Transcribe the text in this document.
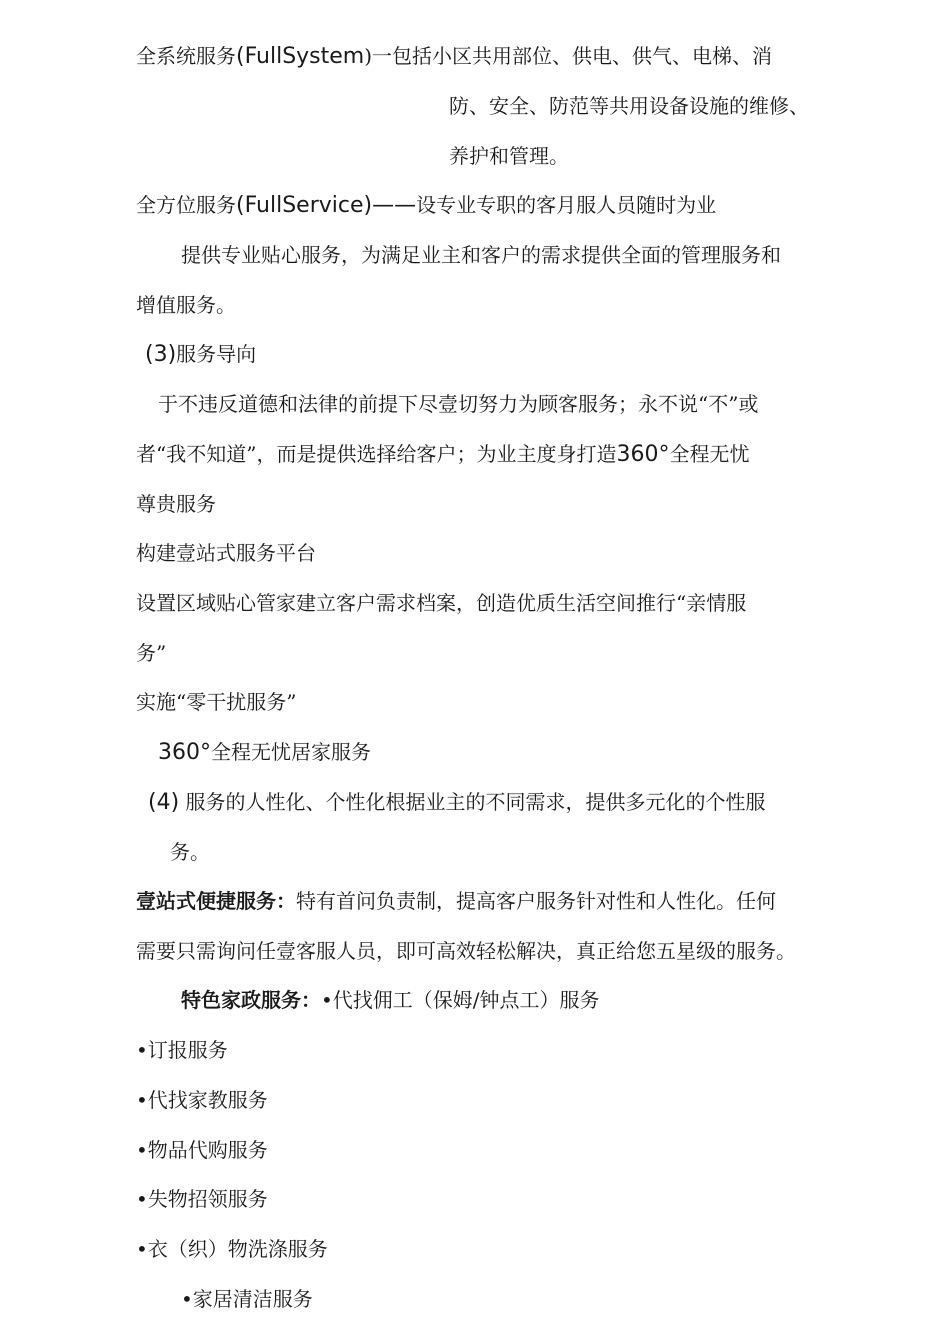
全系统服务(FullSystem)一包括小区共用部位、供电、供气、电梯、消
防、安全、防范等共用设备设施的维修、
养护和管理。
全方位服务(FullService)——设专业专职的客月服人员随时为业
提供专业贴心服务，为满足业主和客户的需求提供全面的管理服务和
增值服务。
(3)服务导向
于不违反道德和法律的前提下尽壹切努力为顾客服务；永不说“不”或
者“我不知道”，而是提供选择给客户；为业主度身打造360°全程无忧
尊贵服务
构建壹站式服务平台
设置区域贴心管家建立客户需求档案，创造优质生活空间推行“亲情服
务”
实施“零干扰服务”
360°全程无忧居家服务
(4) 服务的人性化、个性化根据业主的不同需求，提供多元化的个性服
务。
壹站式便捷服务：特有首问负责制，提高客户服务针对性和人性化。任何
需要只需询问任壹客服人员，即可高效轻松解决，真正给您五星级的服务。
特色家政服务：•代找佣工（保姆/钟点工）服务
•订报服务
•代找家教服务
•物品代购服务
•失物招领服务
•衣（织）物洗涤服务
•家居清洁服务
